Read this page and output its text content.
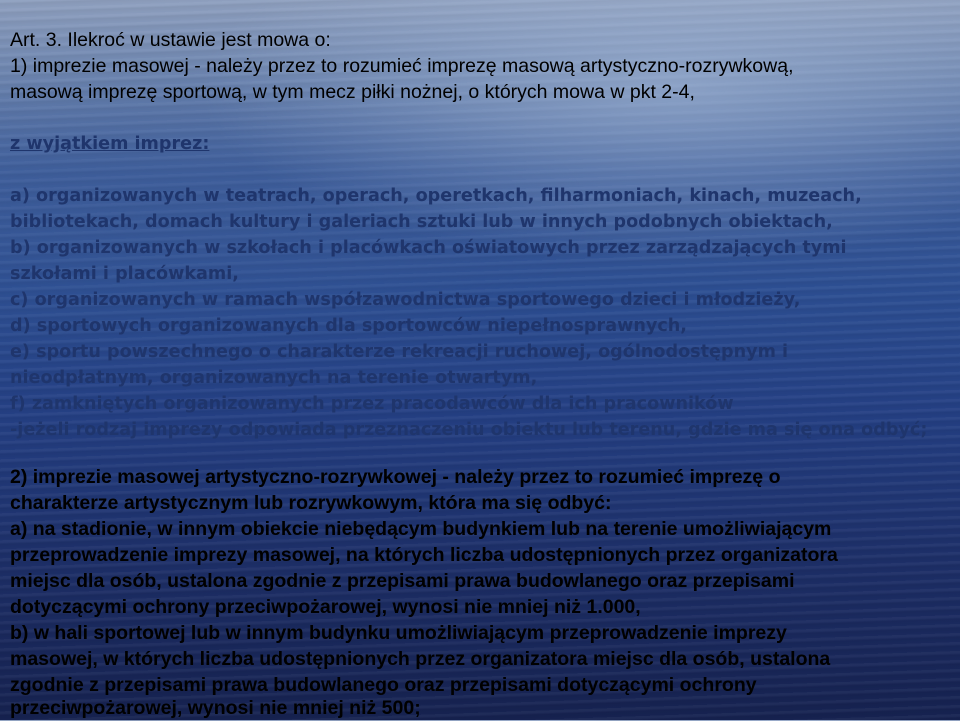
Art. 3. Ilekroć w ustawie jest mowa o:
1) imprezie masowej - należy przez to rozumieć imprezę masową artystyczno-rozrywkową,
masową imprezę sportową, w tym mecz piłki nożnej, o których mowa w pkt 2-4,
z wyjątkiem imprez:
a) organizowanych w teatrach, operach, operetkach, filharmoniach, kinach, muzeach,
bibliotekach, domach kultury i galeriach sztuki lub w innych podobnych obiektach,
b) organizowanych w szkołach i placówkach oświatowych przez zarządzających tymi
szkołami i placówkami,
c) organizowanych w ramach współzawodnictwa sportowego dzieci i młodzieży,
d) sportowych organizowanych dla sportowców niepełnosprawnych,
e) sportu powszechnego o charakterze rekreacji ruchowej, ogólnodostępnym i
nieodpłatnym, organizowanych na terenie otwartym,
f) zamkniętych organizowanych przez pracodawców dla ich pracowników
-jeżeli rodzaj imprezy odpowiada przeznaczeniu obiektu lub terenu, gdzie ma się ona odbyć;
2) imprezie masowej artystyczno-rozrywkowej - należy przez to rozumieć imprezę o
charakterze artystycznym lub rozrywkowym, która ma się odbyć:
a) na stadionie, w innym obiekcie niebędącym budynkiem lub na terenie umożliwiającym
przeprowadzenie imprezy masowej, na których liczba udostępnionych przez organizatora
miejsc dla osób, ustalona zgodnie z przepisami prawa budowlanego oraz przepisami
dotyczącymi ochrony przeciwpożarowej, wynosi nie mniej niż 1.000,
b) w hali sportowej lub w innym budynku umożliwiającym przeprowadzenie imprezy
masowej, w których liczba udostępnionych przez organizatora miejsc dla osób, ustalona
zgodnie z przepisami prawa budowlanego oraz przepisami dotyczącymi ochrony
przeciwpożarowej, wynosi nie mniej niż 500;
